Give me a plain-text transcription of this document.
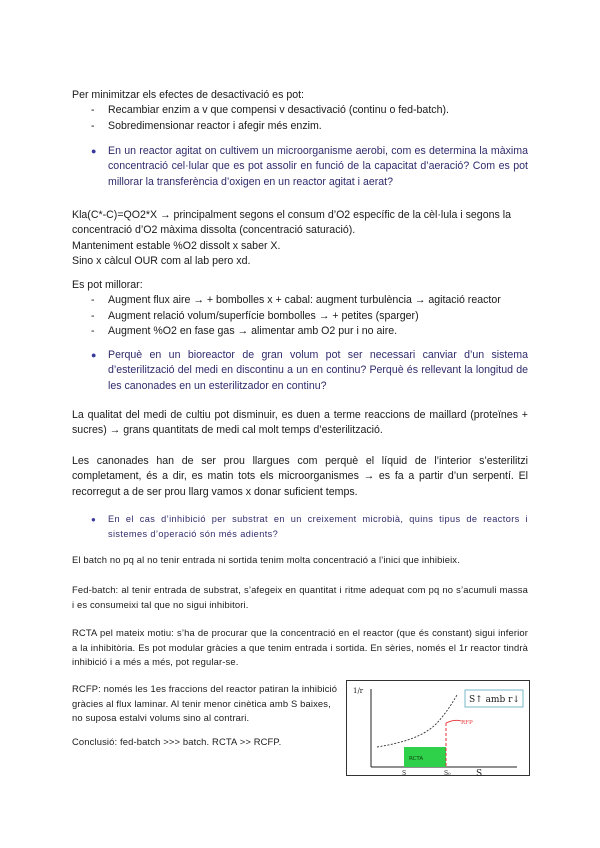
Per minimitzar els efectes de desactivació es pot:

- Recambiar enzim a v que compensi v desactivació (continu o fed-batch).
- Sobredimensionar reactor i afegir més enzim.
● En un reactor agitat on cultivem un microorganisme aerobi, com es determina la màxima concentració cel·lular que es pot assolir en funció de la capacitat d’aeració? Com es pot millorar la transferència d’oxigen en un reactor agitat i aerat?

Kla(C*-C)=QO2*X → principalment segons el consum d’O2 específic de la cèl·lula i segons la concentració d’O2 màxima dissolta (concentració saturació).

Manteniment estable %O2 dissolt x saber X.

Sino x càlcul OUR com al lab pero xd.

Es pot millorar:

- Augment flux aire → + bombolles x + cabal: augment turbulència → agitació reactor
- Augment relació volum/superfície bombolles → + petites (sparger)
- Augment %O2 en fase gas → alimentar amb O2 pur i no aire.
● Perquè en un bioreactor de gran volum pot ser necessari canviar d’un sistema d’esterilització del medi en discontinu a un en continu? Perquè és rellevant la longitud de les canonades en un esterilitzador en continu?

La qualitat del medi de cultiu pot disminuir, es duen a terme reaccions de maillard (proteïnes + sucres) → grans quantitats de medi cal molt temps d’esterilització.

Les canonades han de ser prou llargues com perquè el líquid de l’interior s’esterilitzi completament, és a dir, es matin tots els microorganismes → es fa a partir d’un serpentí. El recorregut a de ser prou llarg vamos x donar suficient temps.

● En el cas d’inhibició per substrat en un creixement microbià, quins tipus de reactors i sistemes d’operació són més adients?

El batch no pq al no tenir entrada ni sortida tenim molta concentració a l’inici que inhibieix.

Fed-batch: al tenir entrada de substrat, s’afegeix en quantitat i ritme adequat com pq no s’acumuli massa i es consumeixi tal que no sigui inhibitori.

RCTA pel mateix motiu: s’ha de procurar que la concentració en el reactor (que és constant) sigui inferior a la inhibitòria. Es pot modular gràcies a que tenim entrada i sortida. En sèries, només el 1r reactor tindrà inhibició i a més a més, pot regular-se.

RCFP: només les 1es fraccions del reactor patiran la inhibició gràcies al flux laminar. Al tenir menor cinètica amb S baixes, no suposa estalvi volums sino al contrari.

Conclusió: fed-batch >>> batch. RCTA >> RCFP.

1/r
RCTA
RFP
S↑ amb r↓
S	S₀	S
